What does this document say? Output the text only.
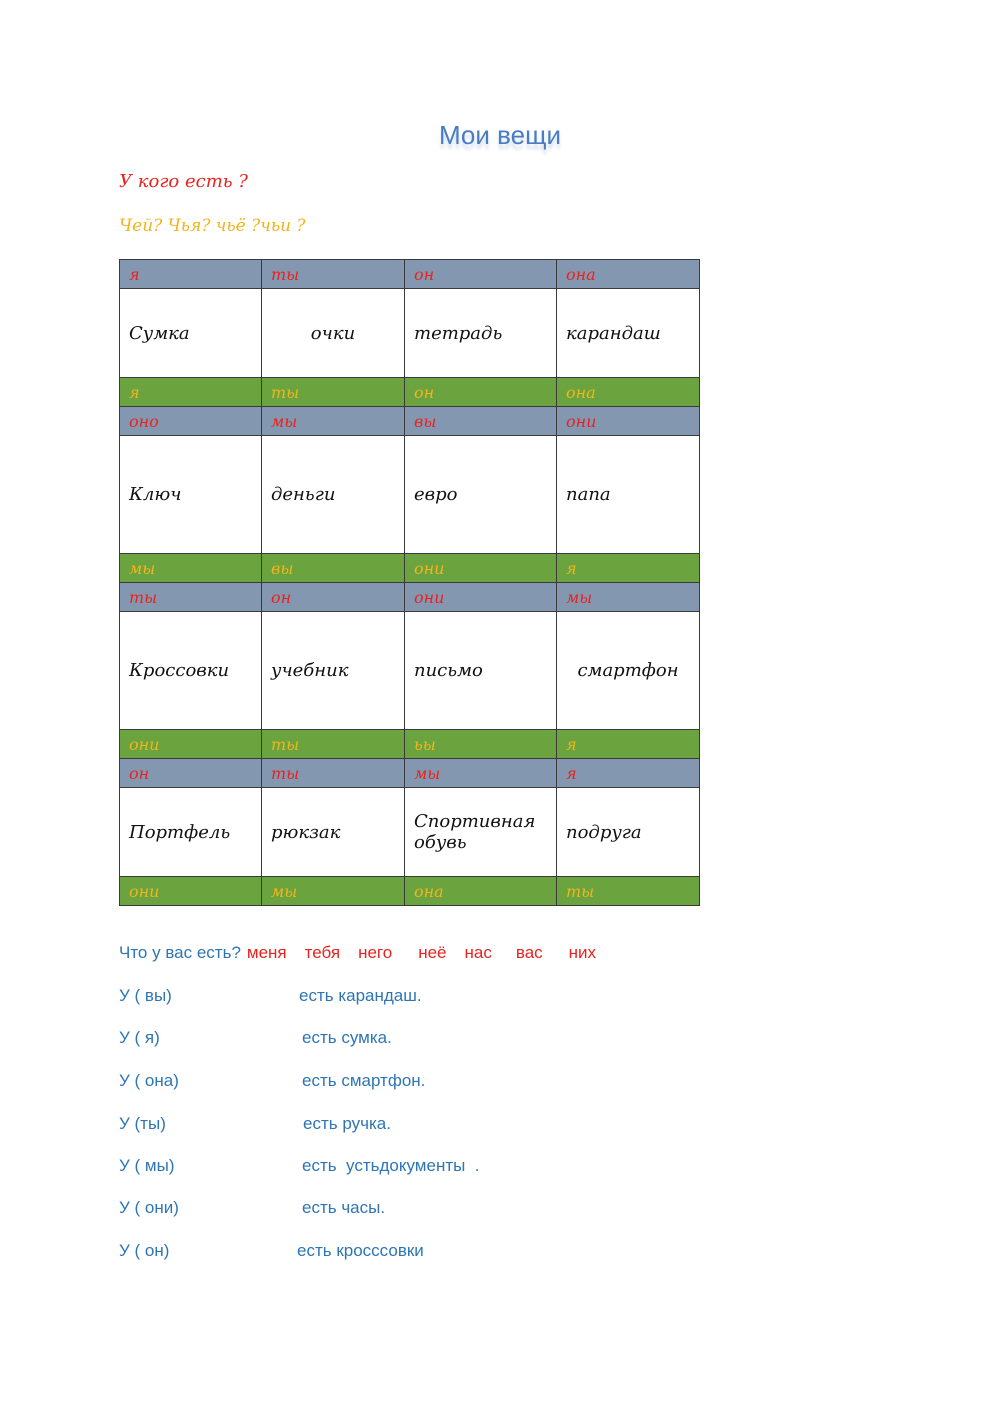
Мои вещи
У кого есть ?
Чей? Чья? чьё ?чьи ?
я	ты	он	она
Сумка	очки	тетрадь	карандаш
я	ты	он	она
оно	мы	вы	они
Ключ	деньги	евро	папа
мы	вы	они	я
ты	он	они	мы
Кроссовки	учебник	письмо	смартфон
они	ты	ьы	я
он	ты	мы	я
Портфель	рюкзак	Спортивная обувь	подруга
они	мы	она	ты
Что у вас есть? меня тебя него неё нас вас них
У ( вы)	есть карандаш.
У ( я)	есть сумка.
У ( она)	есть смартфон.
У (ты)	есть ручка.
У ( мы)	есть  устьдокументы  .
У ( они)	есть часы.
У ( он)	есть кросссовки
